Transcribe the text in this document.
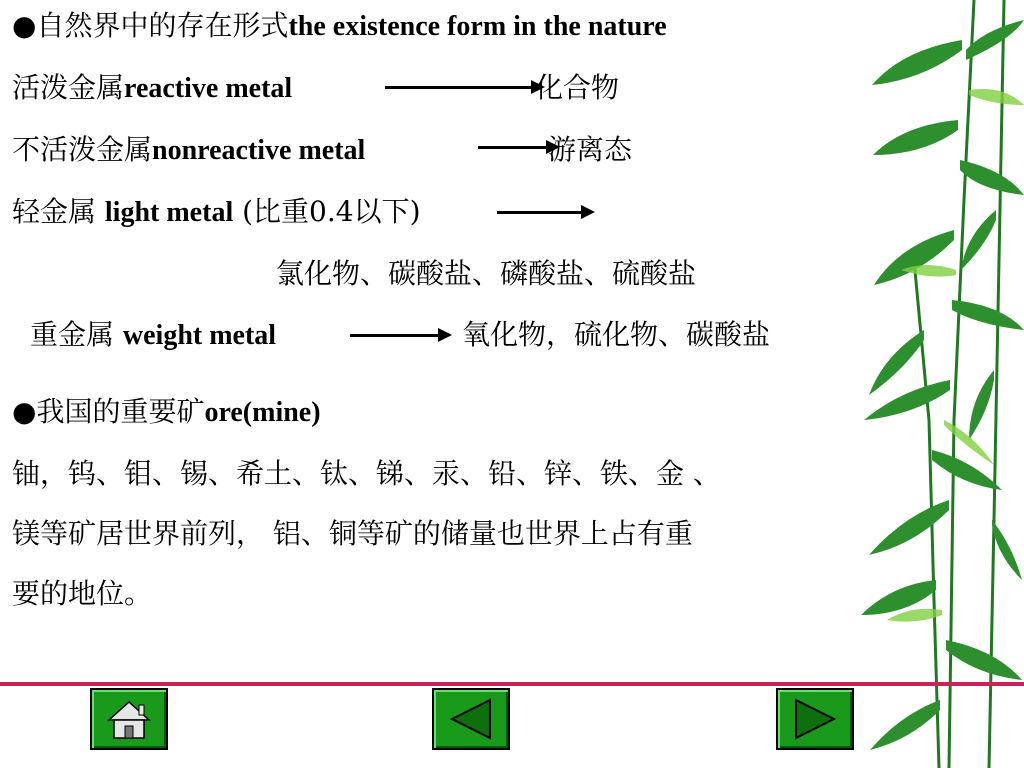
●自然界中的存在形式the existence form in the nature
活泼金属reactive metal	化合物
不活泼金属nonreactive metal	游离态
轻金属 light metal (比重0.4以下)
氯化物、碳酸盐、磷酸盐、硫酸盐
重金属 weight metal	氧化物，硫化物、碳酸盐
●我国的重要矿ore(mine)
铀，钨、钼、锡、希土、钛、锑、汞、铅、锌、铁、金 、
镁等矿居世界前列， 铝、铜等矿的储量也世界上占有重
要的地位。
